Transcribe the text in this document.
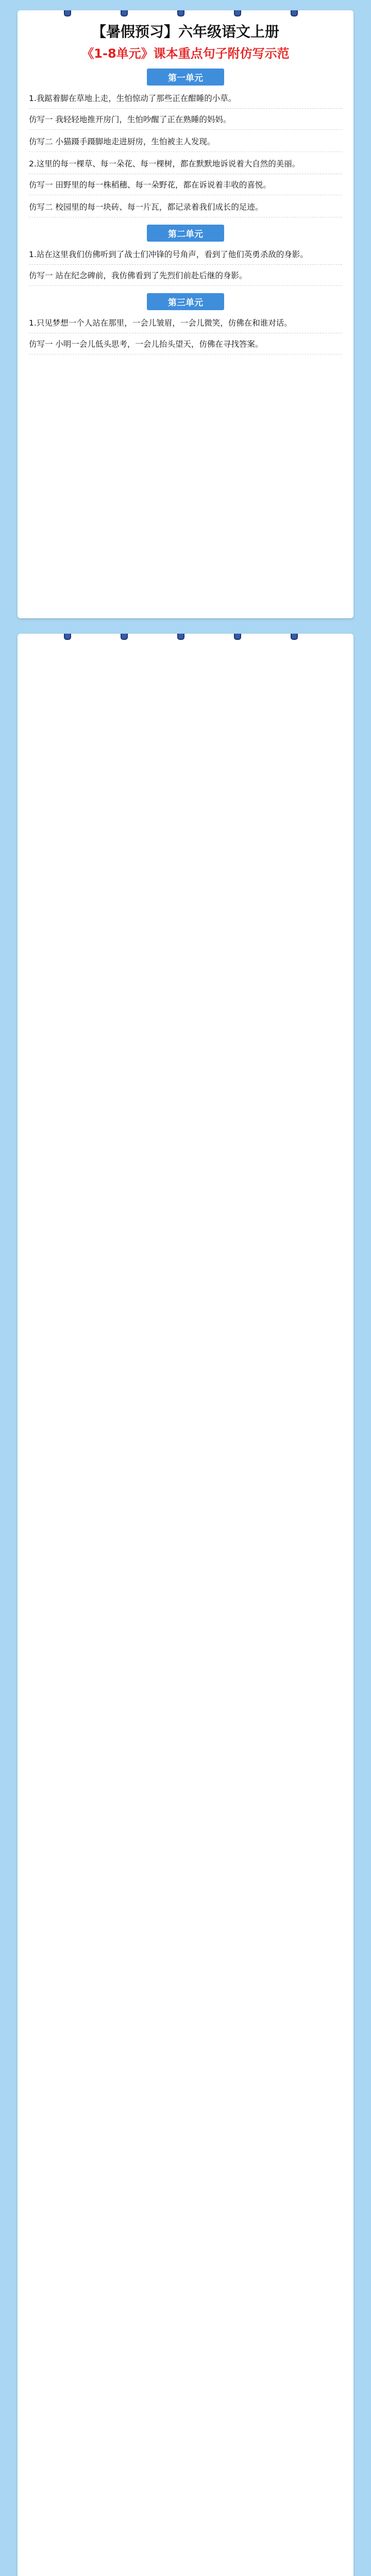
【暑假预习】六年级语文上册
《1-8单元》课本重点句子附仿写示范
第一单元
1.我踮着脚在草地上走，生怕惊动了那些正在酣睡的小草。
仿写一 我轻轻地推开房门，生怕吵醒了正在熟睡的妈妈。
仿写二 小猫蹑手蹑脚地走进厨房，生怕被主人发现。
2.这里的每一棵草、每一朵花、每一棵树，都在默默地诉说着大自然的美丽。
仿写一 田野里的每一株稻穗、每一朵野花，都在诉说着丰收的喜悦。
仿写二 校园里的每一块砖、每一片瓦，都记录着我们成长的足迹。
第二单元
1.站在这里我们仿佛听到了战士们冲锋的号角声，看到了他们英勇杀敌的身影。
仿写一 站在纪念碑前，我仿佛看到了先烈们前赴后继的身影。
第三单元
1.只见梦想一个人站在那里，一会儿皱眉，一会儿微笑，仿佛在和谁对话。
仿写一 小明一会儿低头思考，一会儿抬头望天，仿佛在寻找答案。
